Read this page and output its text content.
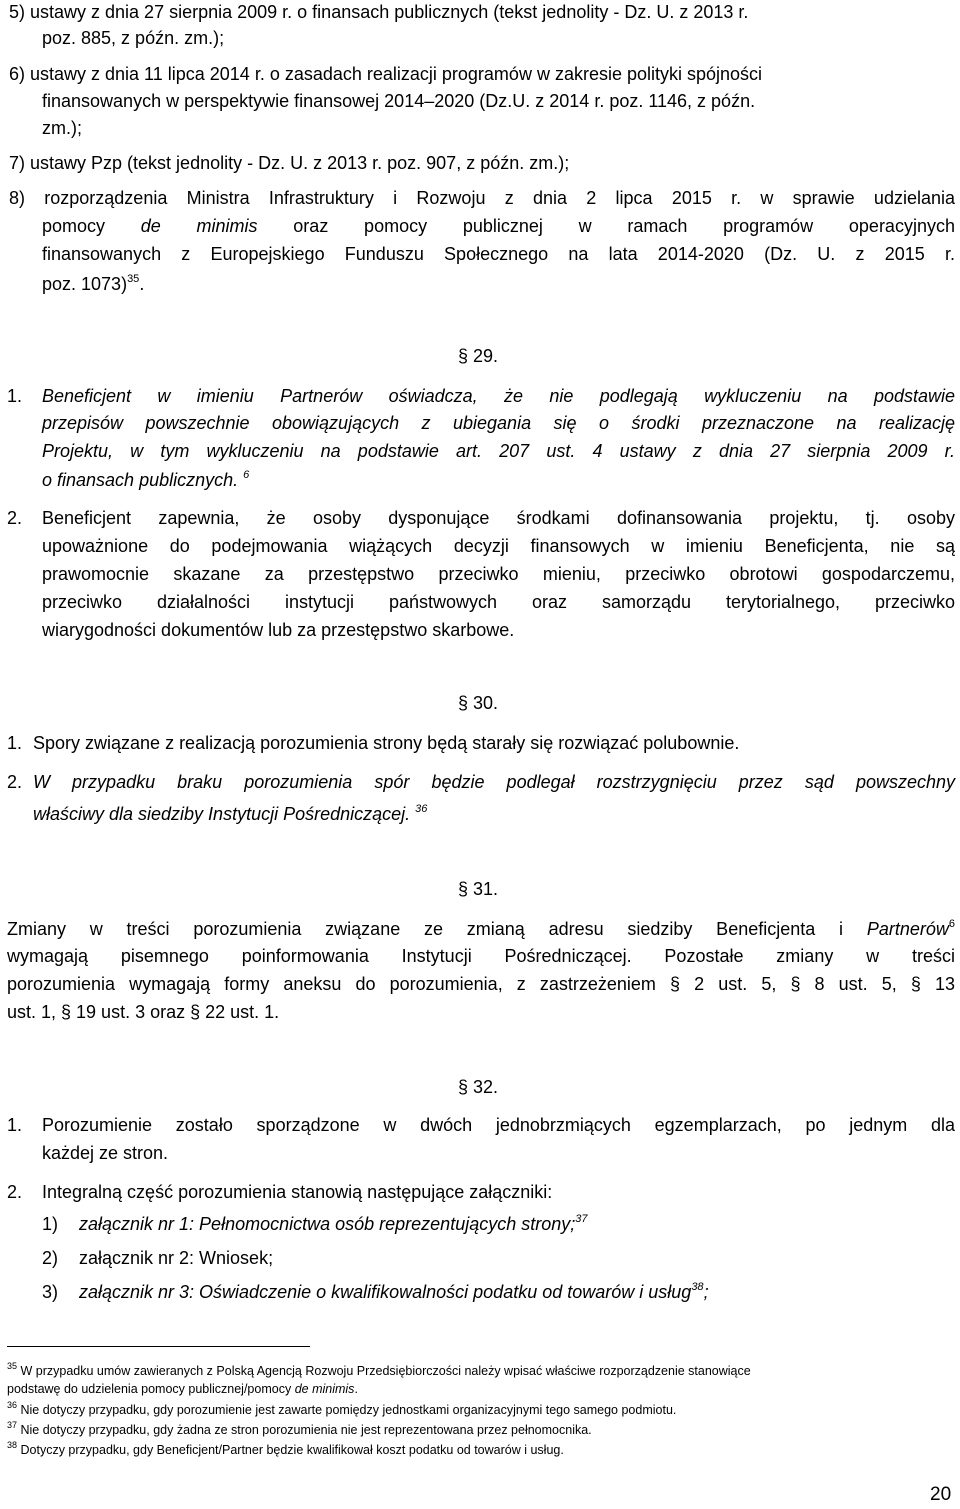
5) ustawy z dnia 27 sierpnia 2009 r. o finansach publicznych (tekst jednolity - Dz. U. z 2013 r.
poz. 885, z późn. zm.);
6) ustawy z dnia 11 lipca 2014 r. o zasadach realizacji programów w zakresie polityki spójności
finansowanych w perspektywie finansowej 2014–2020 (Dz.U. z 2014 r. poz. 1146, z późn.
zm.);
7) ustawy Pzp (tekst jednolity - Dz. U. z 2013 r. poz. 907, z późn. zm.);
8) rozporządzenia Ministra Infrastruktury i Rozwoju z dnia 2 lipca 2015 r. w sprawie udzielania
pomocy de minimis oraz pomocy publicznej w ramach programów operacyjnych
finansowanych z Europejskiego Funduszu Społecznego na lata 2014-2020 (Dz. U. z 2015 r.
poz. 1073)$^{35}$.
§ 29.
1. Beneficjent w imieniu Partnerów oświadcza, że nie podlegają wykluczeniu na podstawie
przepisów powszechnie obowiązujących z ubiegania się o środki przeznaczone na realizację
Projektu, w tym wykluczeniu na podstawie art. 207 ust. 4 ustawy z dnia 27 sierpnia 2009 r.
o finansach publicznych. $^6$
2. Beneficjent zapewnia, że osoby dysponujące środkami dofinansowania projektu, tj. osoby
upoważnione do podejmowania wiążących decyzji finansowych w imieniu Beneficjenta, nie są
prawomocnie skazane za przestępstwo przeciwko mieniu, przeciwko obrotowi gospodarczemu,
przeciwko działalności instytucji państwowych oraz samorządu terytorialnego, przeciwko
wiarygodności dokumentów lub za przestępstwo skarbowe.
§ 30.
1. Spory związane z realizacją porozumienia strony będą starały się rozwiązać polubownie.
2. W przypadku braku porozumienia spór będzie podlegał rozstrzygnięciu przez sąd powszechny
właściwy dla siedziby Instytucji Pośredniczącej. $^{36}$
§ 31.
Zmiany w treści porozumienia związane ze zmianą adresu siedziby Beneficjenta i Partnerów$^6$
wymagają pisemnego poinformowania Instytucji Pośredniczącej. Pozostałe zmiany w treści
porozumienia wymagają formy aneksu do porozumienia, z zastrzeżeniem § 2 ust. 5, § 8 ust. 5, § 13
ust. 1, § 19 ust. 3 oraz § 22 ust. 1.
§ 32.
1. Porozumienie zostało sporządzone w dwóch jednobrzmiących egzemplarzach, po jednym dla
każdej ze stron.
2. Integralną część porozumienia stanowią następujące załączniki:
1) załącznik nr 1: Pełnomocnictwa osób reprezentujących strony;$^{37}$
2) załącznik nr 2: Wniosek;
3) załącznik nr 3: Oświadczenie o kwalifikowalności podatku od towarów i usług$^{38}$;
$^{35}$ W przypadku umów zawieranych z Polską Agencją Rozwoju Przedsiębiorczości należy wpisać właściwe rozporządzenie stanowiące
podstawę do udzielenia pomocy publicznej/pomocy de minimis.
$^{36}$ Nie dotyczy przypadku, gdy porozumienie jest zawarte pomiędzy jednostkami organizacyjnymi tego samego podmiotu.
$^{37}$ Nie dotyczy przypadku, gdy żadna ze stron porozumienia nie jest reprezentowana przez pełnomocnika.
$^{38}$ Dotyczy przypadku, gdy Beneficjent/Partner będzie kwalifikował koszt podatku od towarów i usług.
20
